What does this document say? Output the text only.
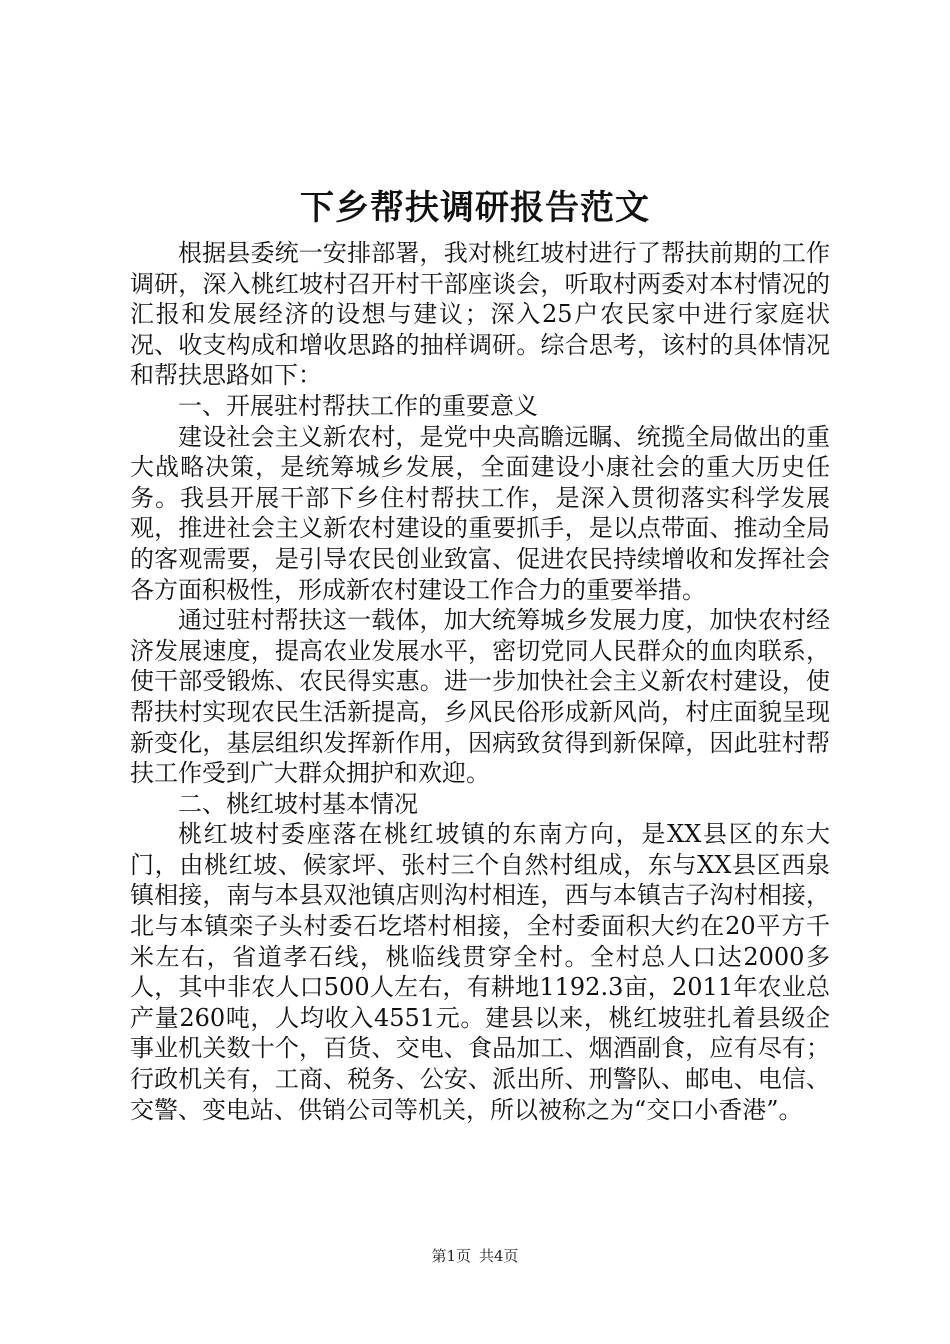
下乡帮扶调研报告范文

根据县委统一安排部署，我对桃红坡村进行了帮扶前期的工作调研，深入桃红坡村召开村干部座谈会，听取村两委对本村情况的汇报和发展经济的设想与建议；深入25户农民家中进行家庭状况、收支构成和增收思路的抽样调研。综合思考，该村的具体情况和帮扶思路如下：

一、开展驻村帮扶工作的重要意义

建设社会主义新农村，是党中央高瞻远瞩、统揽全局做出的重大战略决策，是统筹城乡发展，全面建设小康社会的重大历史任务。我县开展干部下乡住村帮扶工作，是深入贯彻落实科学发展观，推进社会主义新农村建设的重要抓手，是以点带面、推动全局的客观需要，是引导农民创业致富、促进农民持续增收和发挥社会各方面积极性，形成新农村建设工作合力的重要举措。

通过驻村帮扶这一载体，加大统筹城乡发展力度，加快农村经济发展速度，提高农业发展水平，密切党同人民群众的血肉联系，使干部受锻炼、农民得实惠。进一步加快社会主义新农村建设，使帮扶村实现农民生活新提高，乡风民俗形成新风尚，村庄面貌呈现新变化，基层组织发挥新作用，因病致贫得到新保障，因此驻村帮扶工作受到广大群众拥护和欢迎。

二、桃红坡村基本情况

桃红坡村委座落在桃红坡镇的东南方向，是XX县区的东大门，由桃红坡、候家坪、张村三个自然村组成，东与XX县区西泉镇相接，南与本县双池镇店则沟村相连，西与本镇吉子沟村相接，北与本镇栾子头村委石圪塔村相接，全村委面积大约在20平方千米左右，省道孝石线，桃临线贯穿全村。全村总人口达2000多人，其中非农人口500人左右，有耕地1192.3亩，2011年农业总产量260吨，人均收入4551元。建县以来，桃红坡驻扎着县级企事业机关数十个，百货、交电、食品加工、烟酒副食，应有尽有；行政机关有，工商、税务、公安、派出所、刑警队、邮电、电信、交警、变电站、供销公司等机关，所以被称之为“交口小香港”。

第1页 共4页
